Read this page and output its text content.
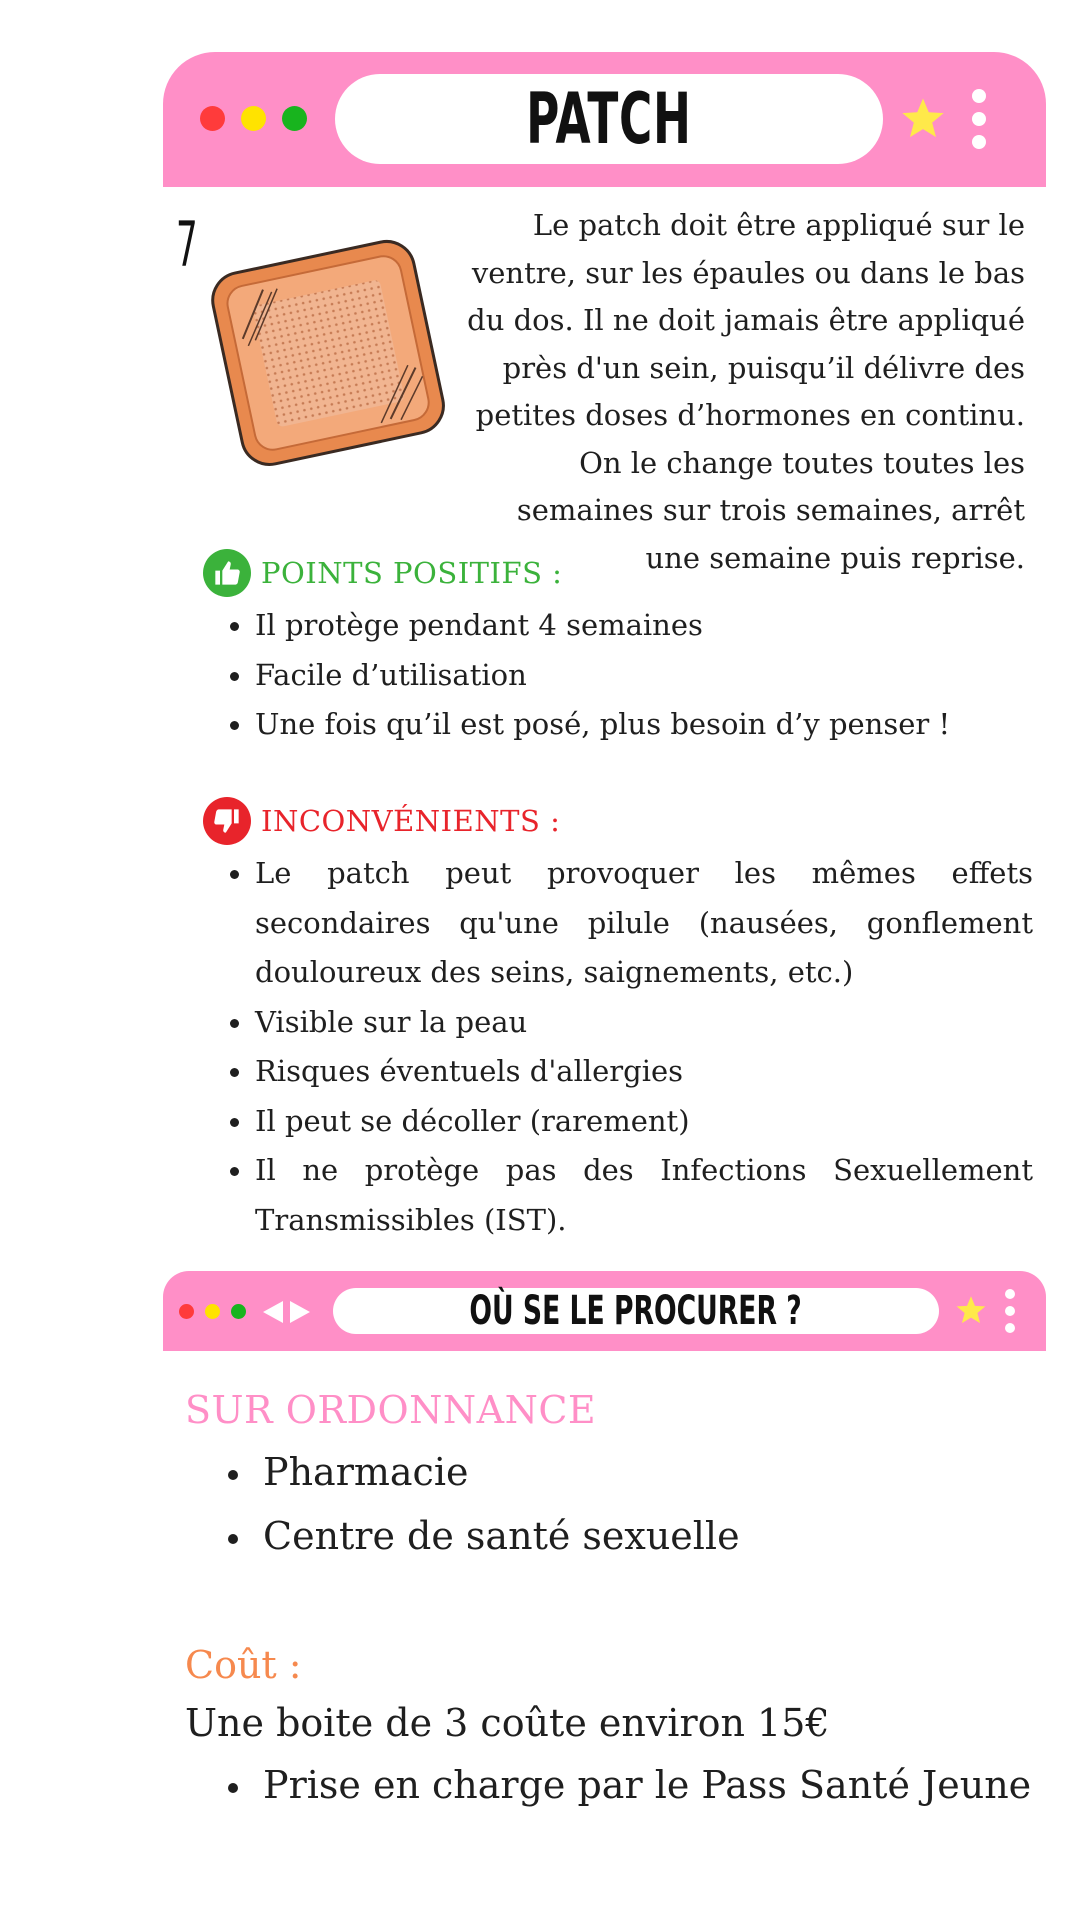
PATCH
7	Le patch doit être appliqué sur le ventre, sur les épaules ou dans le bas du dos. Il ne doit jamais être appliqué près d'un sein, puisqu’il délivre des petites doses d’hormones en continu. On le change toutes toutes les semaines sur trois semaines, arrêt une semaine puis reprise.
POINTS POSITIFS :
Il protège pendant 4 semaines
Facile d’utilisation
Une fois qu’il est posé, plus besoin d’y penser !
INCONVÉNIENTS :
Le patch peut provoquer les mêmes effets secondaires qu'une pilule (nausées, gonflement douloureux des seins, saignements, etc.)
Visible sur la peau
Risques éventuels d'allergies
Il peut se décoller (rarement)
Il ne protège pas des Infections Sexuellement Transmissibles (IST).
OÙ SE LE PROCURER ?
SUR ORDONNANCE
Pharmacie
Centre de santé sexuelle
Coût :
Une boite de 3 coûte environ 15€
Prise en charge par le Pass Santé Jeune
